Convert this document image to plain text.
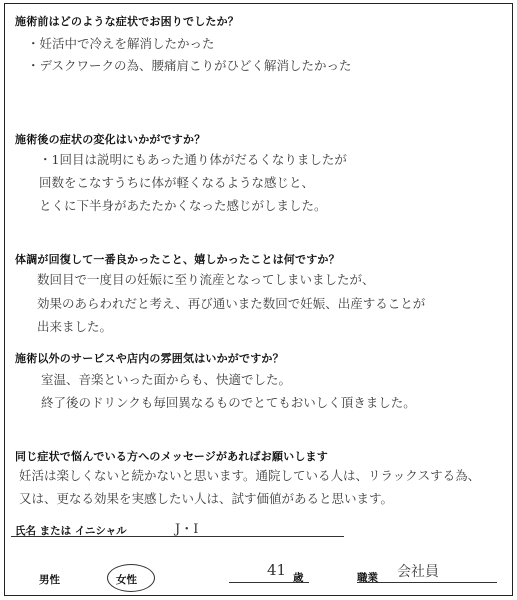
施術前はどのような症状でお困りでしたか？
・妊活中で冷えを解消したかった
・デスクワークの為、腰痛肩こりがひどく解消したかった
施術後の症状の変化はいかがですか？
・1回目は説明にもあった通り体がだるくなりましたが
回数をこなすうちに体が軽くなるような感じと、
とくに下半身があたたかくなった感じがしました。
体調が回復して一番良かったこと、嬉しかったことは何ですか？
数回目で一度目の妊娠に至り流産となってしまいましたが、
効果のあらわれだと考え、再び通いまた数回で妊娠、出産することが
出来ました。
施術以外のサービスや店内の雰囲気はいかがですか？
室温、音楽といった面からも、快適でした。
終了後のドリンクも毎回異なるものでとてもおいしく頂きました。
同じ症状で悩んでいる方へのメッセージがあればお願いします
妊活は楽しくないと続かないと思います。通院している人は、リラックスする為、
又は、更なる効果を実感したい人は、試す価値があると思います。
氏名 または イニシャル	J・I
男性	女性
41 歳	職業 会社員
